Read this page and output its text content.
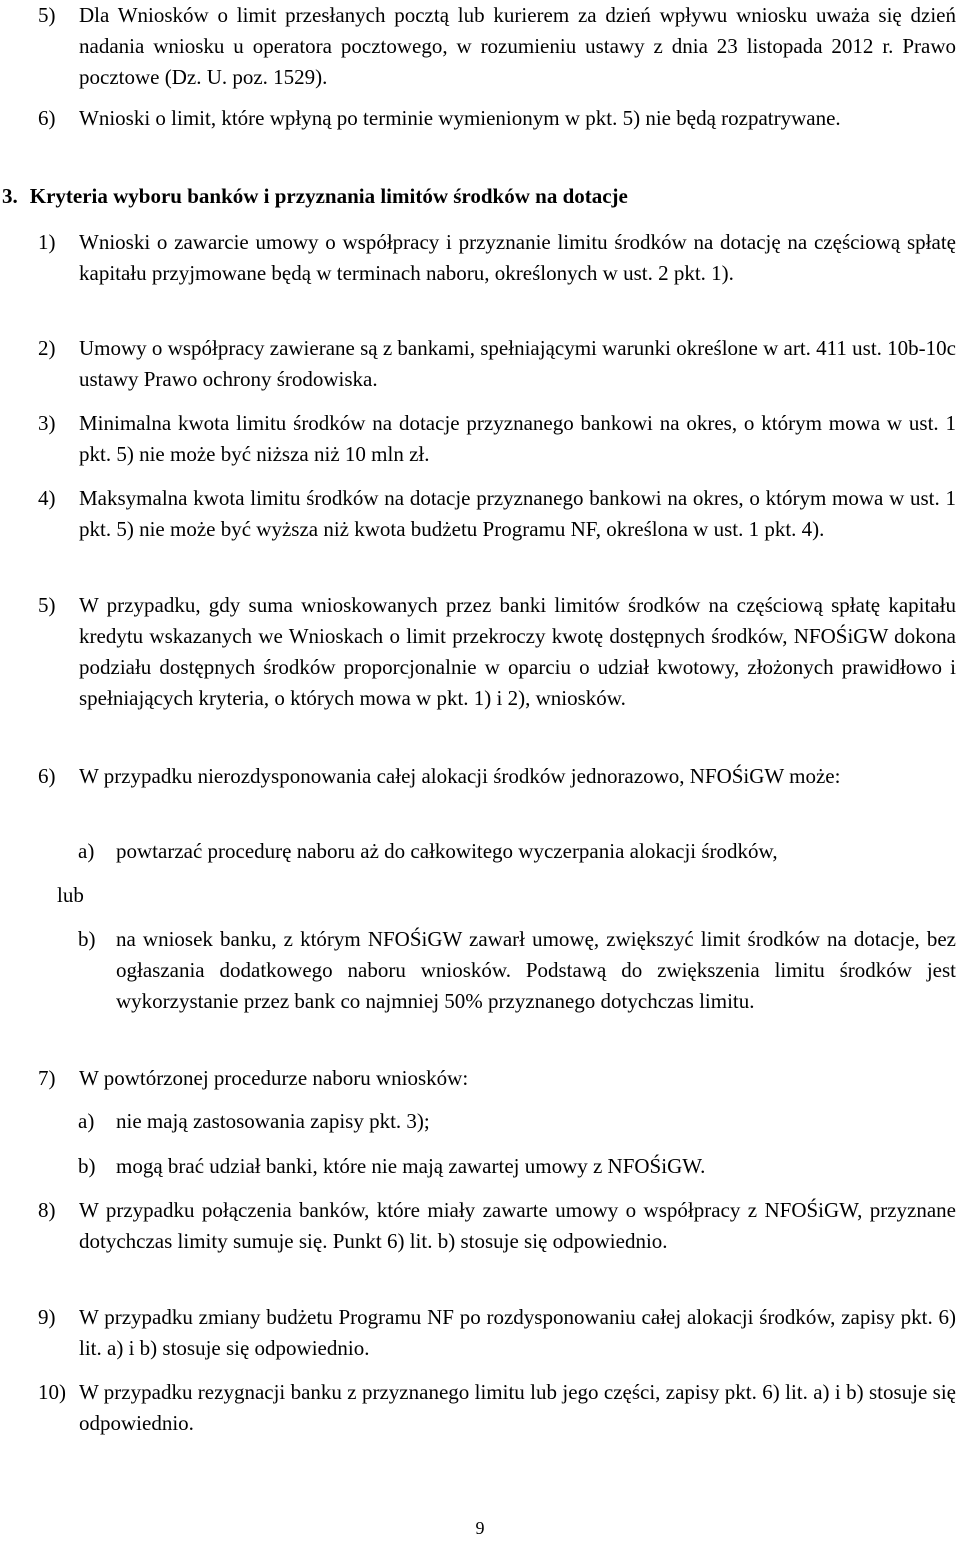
5) Dla Wniosków o limit przesłanych pocztą lub kurierem za dzień wpływu wniosku uważa się dzień nadania wniosku u operatora pocztowego, w rozumieniu ustawy z dnia 23 listopada 2012 r. Prawo pocztowe (Dz. U. poz. 1529).
6) Wnioski o limit, które wpłyną po terminie wymienionym w pkt. 5) nie będą rozpatrywane.
3. Kryteria wyboru banków i przyznania limitów środków na dotacje
1) Wnioski o zawarcie umowy o współpracy i przyznanie limitu środków na dotację na częściową spłatę kapitału przyjmowane będą w terminach naboru, określonych w ust. 2 pkt. 1).
2) Umowy o współpracy zawierane są z bankami, spełniającymi warunki określone w art. 411 ust. 10b-10c ustawy Prawo ochrony środowiska.
3) Minimalna kwota limitu środków na dotacje przyznanego bankowi na okres, o którym mowa w ust. 1 pkt. 5) nie może być niższa niż 10 mln zł.
4) Maksymalna kwota limitu środków na dotacje przyznanego bankowi na okres, o którym mowa w ust. 1 pkt. 5) nie może być wyższa niż kwota budżetu Programu NF, określona w ust. 1 pkt. 4).
5) W przypadku, gdy suma wnioskowanych przez banki limitów środków na częściową spłatę kapitału kredytu wskazanych we Wnioskach o limit przekroczy kwotę dostępnych środków, NFOŚiGW dokona podziału dostępnych środków proporcjonalnie w oparciu o udział kwotowy, złożonych prawidłowo i spełniających kryteria, o których mowa w pkt. 1) i 2), wniosków.
6) W przypadku nierozdysponowania całej alokacji środków jednorazowo, NFOŚiGW może:
a) powtarzać procedurę naboru aż do całkowitego wyczerpania alokacji środków,
lub
b) na wniosek banku, z którym NFOŚiGW zawarł umowę, zwiększyć limit środków na dotacje, bez ogłaszania dodatkowego naboru wniosków. Podstawą do zwiększenia limitu środków jest wykorzystanie przez bank co najmniej 50% przyznanego dotychczas limitu.
7) W powtórzonej procedurze naboru wniosków:
a) nie mają zastosowania zapisy pkt. 3);
b) mogą brać udział banki, które nie mają zawartej umowy z NFOŚiGW.
8) W przypadku połączenia banków, które miały zawarte umowy o współpracy z NFOŚiGW, przyznane dotychczas limity sumuje się. Punkt 6) lit. b) stosuje się odpowiednio.
9) W przypadku zmiany budżetu Programu NF po rozdysponowaniu całej alokacji środków, zapisy pkt. 6) lit. a) i b) stosuje się odpowiednio.
10) W przypadku rezygnacji banku z przyznanego limitu lub jego części, zapisy pkt. 6) lit. a) i b) stosuje się odpowiednio.
9
